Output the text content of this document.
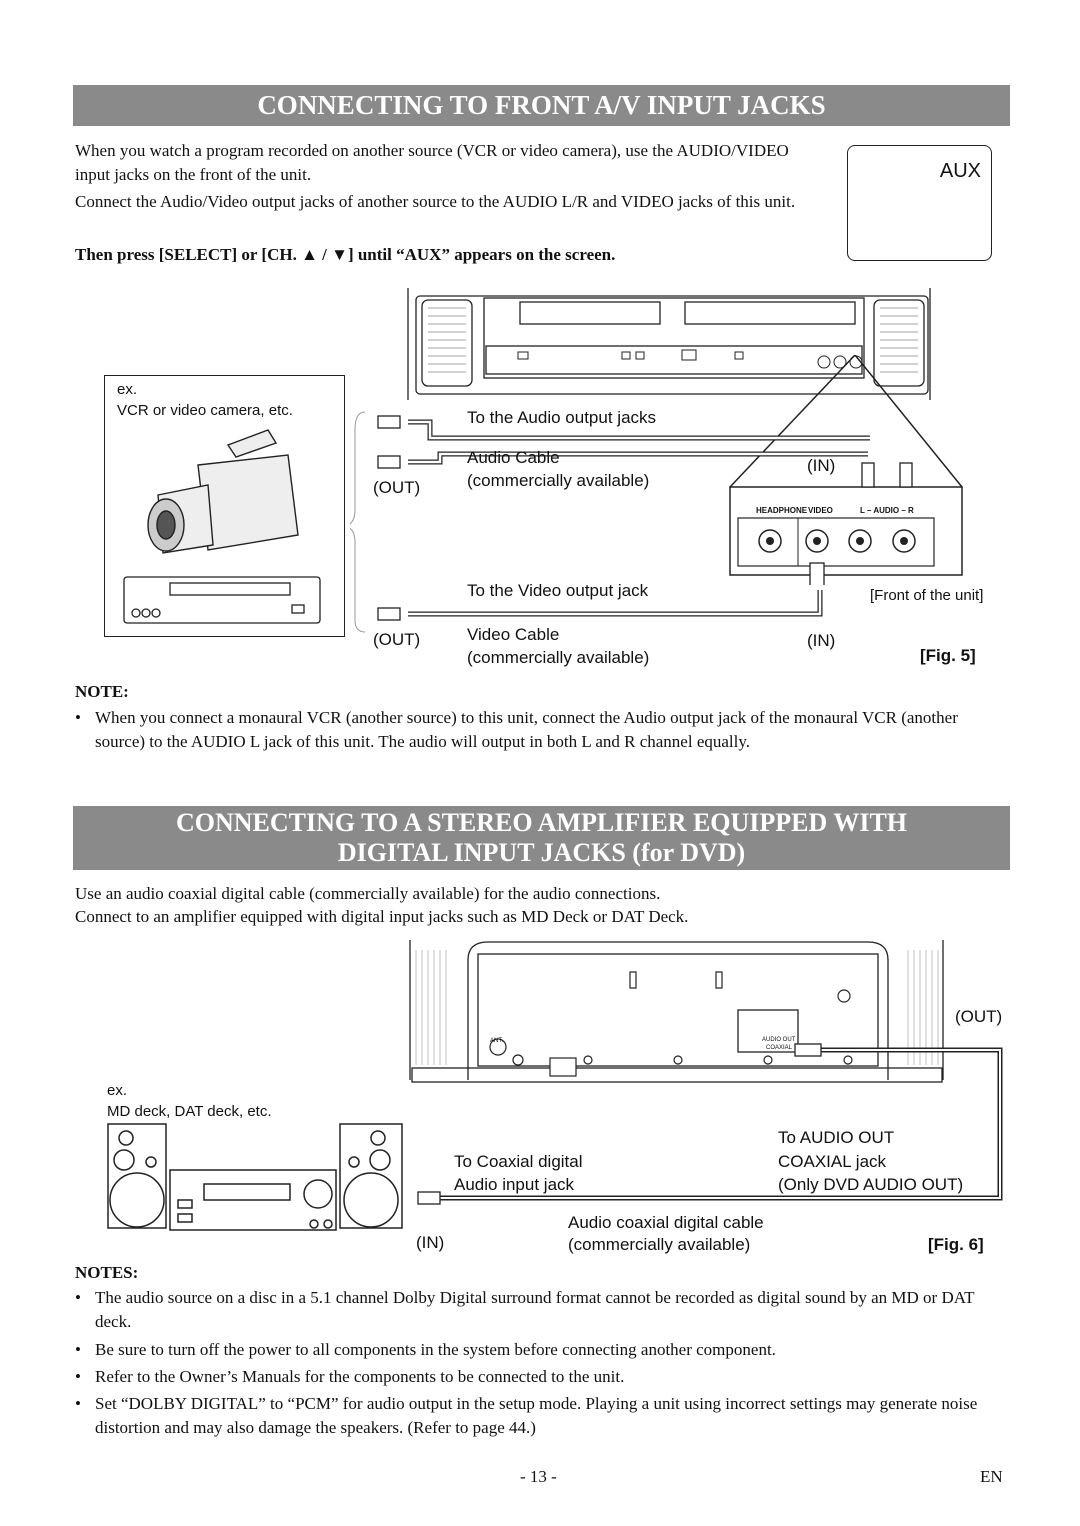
CONNECTING TO FRONT A/V INPUT JACKS
When you watch a program recorded on another source (VCR or video camera), use the AUDIO/VIDEO input jacks on the front of the unit.
Connect the Audio/Video output jacks of another source to the AUDIO L/R and VIDEO jacks of this unit.
Then press [SELECT] or [CH. ▲ / ▼] until “AUX” appears on the screen.
AUX
HEADPHONE VIDEO	L – AUDIO – R
ex.
VCR or video camera, etc.	To the Audio output jacks
Audio Cable
(commercially available)
(OUT)
(IN)
To the Video output jack	[Front of the unit]
(OUT)	Video Cable
(commercially available)
(IN)
[Fig. 5]
NOTE:
• When you connect a monaural VCR (another source) to this unit, connect the Audio output jack of the monaural VCR (another source) to the AUDIO L jack of this unit. The audio will output in both L and R channel equally.
CONNECTING TO A STEREO AMPLIFIER EQUIPPED WITH
DIGITAL INPUT JACKS (for DVD)
Use an audio coaxial digital cable (commercially available) for the audio connections.
Connect to an amplifier equipped with digital input jacks such as MD Deck or DAT Deck.
ANT.	AUDIO OUT
COAXIAL
(OUT)
ex.
MD deck, DAT deck, etc.
To AUDIO OUT
COAXIAL jack
(Only DVD AUDIO OUT)
To Coaxial digital
Audio input jack
(IN)
Audio coaxial digital cable
(commercially available)	[Fig. 6]
NOTES:
• The audio source on a disc in a 5.1 channel Dolby Digital surround format cannot be recorded as digital sound by an MD or DAT deck.
• Be sure to turn off the power to all components in the system before connecting another component.
• Refer to the Owner’s Manuals for the components to be connected to the unit.
• Set “DOLBY DIGITAL” to “PCM” for audio output in the setup mode. Playing a unit using incorrect settings may generate noise distortion and may also damage the speakers. (Refer to page 44.)
- 13 -	EN
